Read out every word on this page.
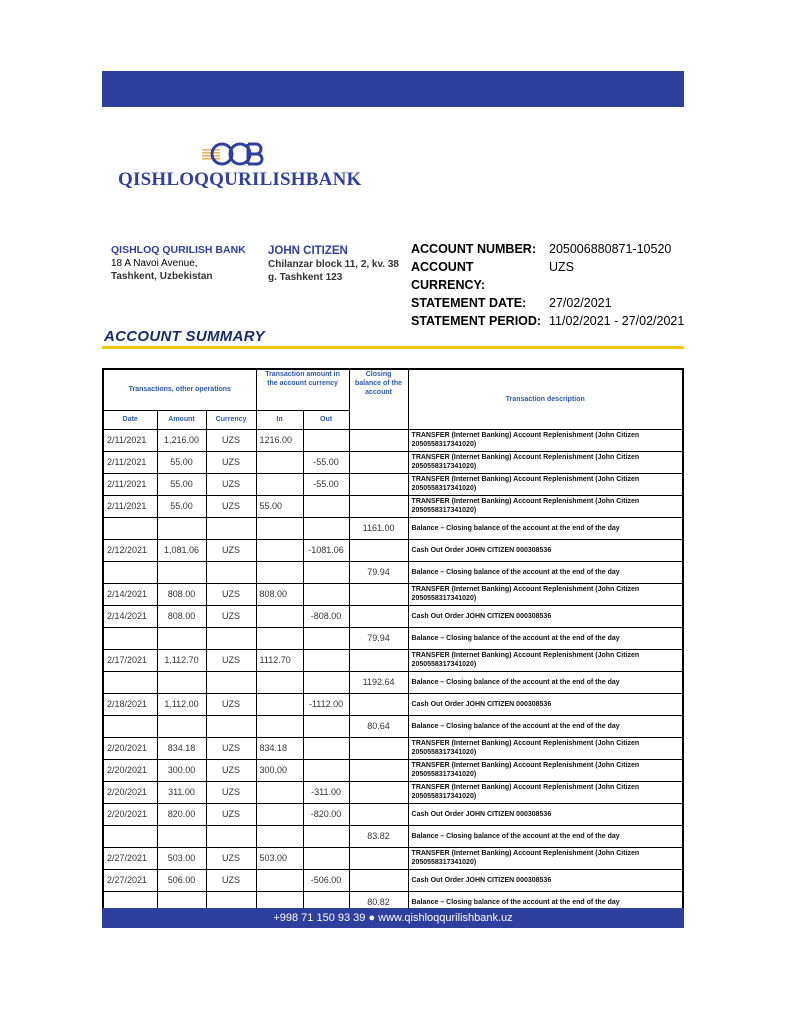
QISHLOQQURILISHBANK
QISHLOQ QURILISH BANK
18 A Navoi Avenue,
Tashkent, Uzbekistan
JOHN CITIZEN
Chilanzar block 11, 2, kv. 38
g. Tashkent 123
ACCOUNT NUMBER:	205006880871-10520
ACCOUNT CURRENCY:
UZS
STATEMENT DATE:	27/02/2021
STATEMENT PERIOD: 11/02/2021 - 27/02/2021
ACCOUNT SUMMARY
Transactions, other operations			Transaction amount in the account currency		Closing balance of the account	Transaction description
Date	Amount	Currency	In	Out		
2/11/2021	1,216.00	UZS	1216.00			TRANSFER (Internet Banking) Account Replenishment (John Citizen 2050558317341020)
2/11/2021	55.00	UZS		-55.00		TRANSFER (Internet Banking) Account Replenishment (John Citizen 2050558317341020)
2/11/2021	55.00	UZS		-55.00		TRANSFER (Internet Banking) Account Replenishment (John Citizen 2050558317341020)
2/11/2021	55.00	UZS	55.00			TRANSFER (Internet Banking) Account Replenishment (John Citizen 2050558317341020)
					1161.00	Balance – Closing balance of the account at the end of the day
2/12/2021	1,081.06	UZS		-1081.06		Cash Out Order JOHN CITIZEN 000308536
					79.94	Balance – Closing balance of the account at the end of the day
2/14/2021	808.00	UZS	808.00			TRANSFER (Internet Banking) Account Replenishment (John Citizen 2050558317341020)
2/14/2021	808.00	UZS		-808.00		Cash Out Order JOHN CITIZEN 000308536
					79.94	Balance – Closing balance of the account at the end of the day
2/17/2021	1,112.70	UZS	1112.70			TRANSFER (Internet Banking) Account Replenishment (John Citizen 2050558317341020)
					1192.64	Balance – Closing balance of the account at the end of the day
2/18/2021	1,112.00	UZS		-1112.00		Cash Out Order JOHN CITIZEN 000308536
					80.64	Balance – Closing balance of the account at the end of the day
2/20/2021	834.18	UZS	834.18			TRANSFER (Internet Banking) Account Replenishment (John Citizen 2050558317341020)
2/20/2021	300.00	UZS	300.00			TRANSFER (Internet Banking) Account Replenishment (John Citizen 2050558317341020)
2/20/2021	311.00	UZS		-311.00		TRANSFER (Internet Banking) Account Replenishment (John Citizen 2050558317341020)
2/20/2021	820.00	UZS		-820.00		Cash Out Order JOHN CITIZEN 000308536
					83.82	Balance – Closing balance of the account at the end of the day
2/27/2021	503.00	UZS	503.00			TRANSFER (Internet Banking) Account Replenishment (John Citizen 2050558317341020)
2/27/2021	506.00	UZS		-506.00		Cash Out Order JOHN CITIZEN 000308536
					80.82	Balance – Closing balance of the account at the end of the day
+998 71 150 93 39 ● www.qishloqqurilishbank.uz
